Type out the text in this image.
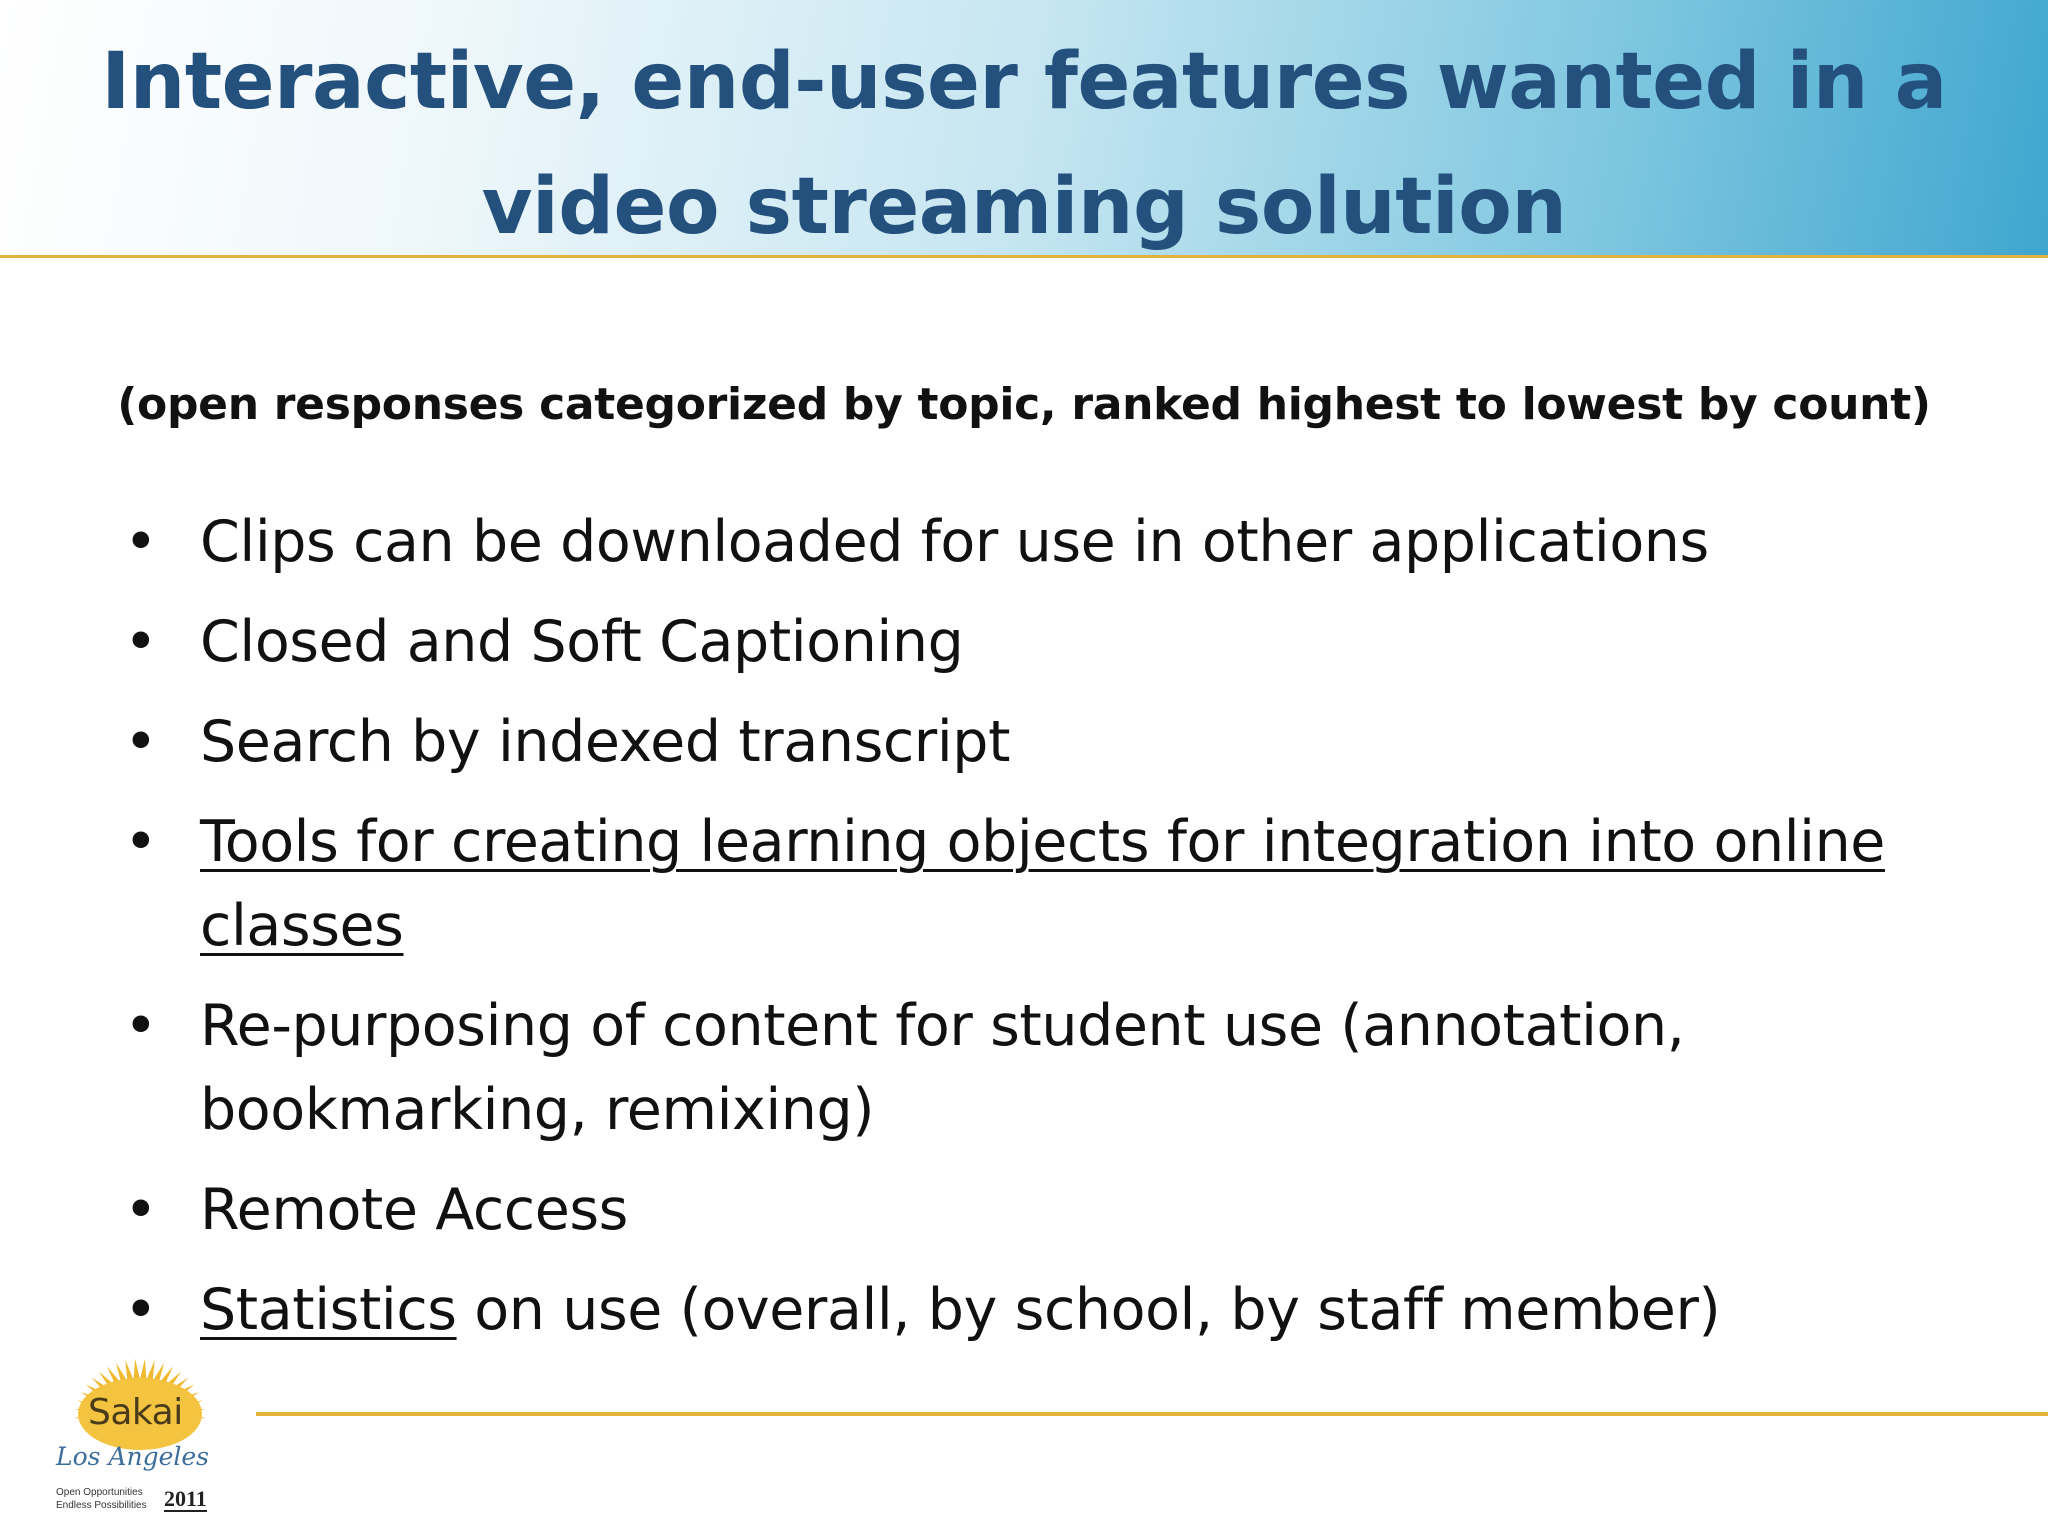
Interactive, end-user features wanted in a
video streaming solution

(open responses categorized by topic, ranked highest to lowest by count)

• Clips can be downloaded for use in other applications
• Closed and Soft Captioning
• Search by indexed transcript
• Tools for creating learning objects for integration into online classes
• Re-purposing of content for student use (annotation, bookmarking, remixing)
• Remote Access
• Statistics on use (overall, by school, by staff member)
Sakai
Los Angeles
Open Opportunities
Endless Possibilities 2011
